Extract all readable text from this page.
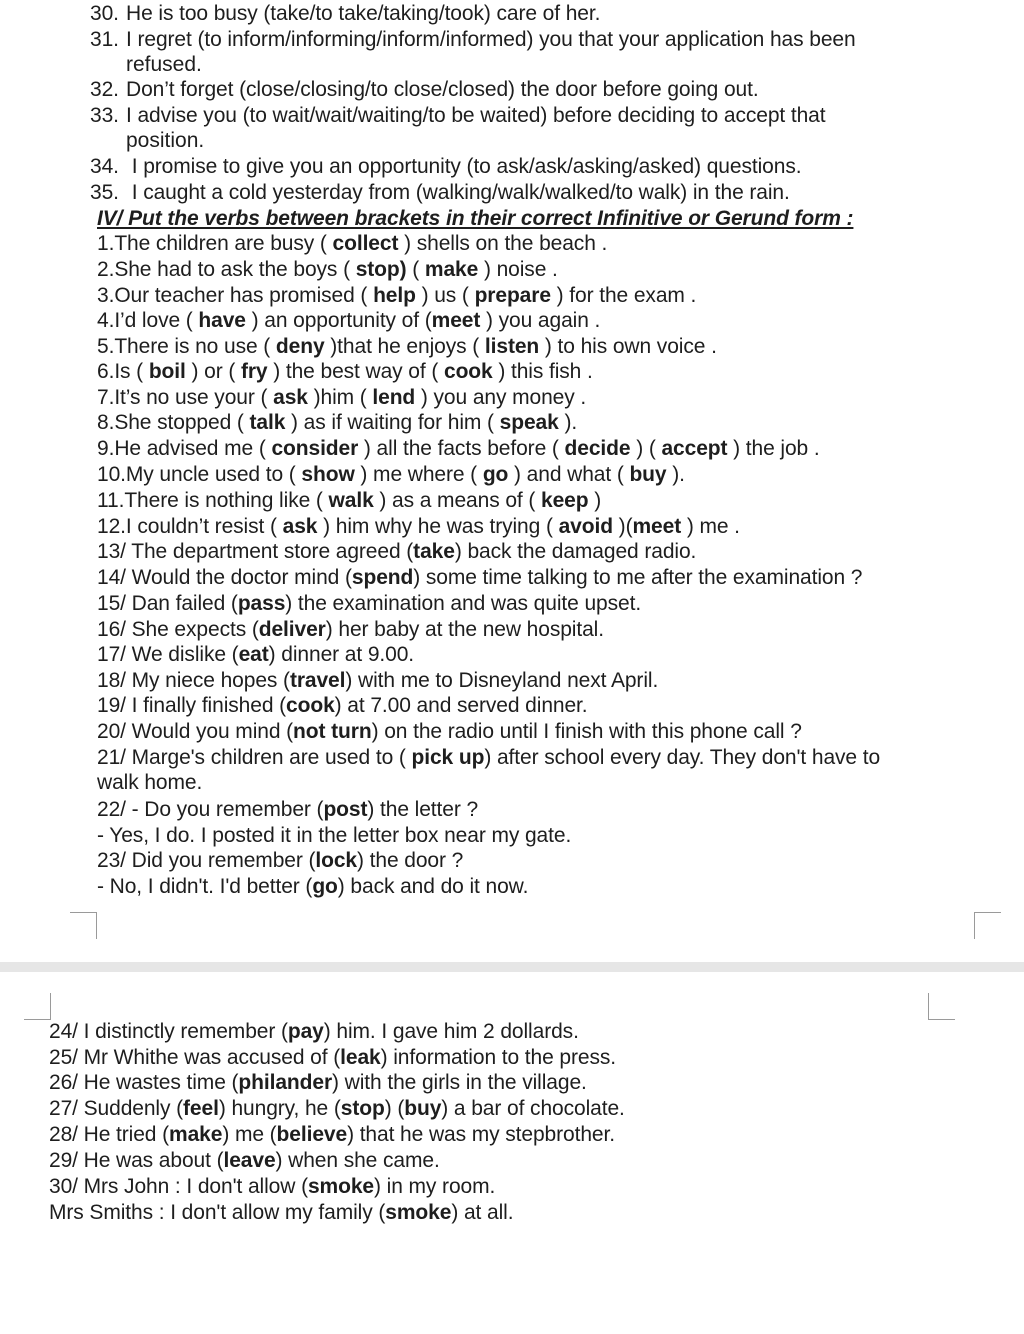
30. He is too busy (take/to take/taking/took) care of her.
31. I regret (to inform/informing/inform/informed) you that your application has been
refused.
32. Don’t forget (close/closing/to close/closed) the door before going out.
33. I advise you (to wait/wait/waiting/to be waited) before deciding to accept that
position.
34. I promise to give you an opportunity (to ask/ask/asking/asked) questions.
35. I caught a cold yesterday from (walking/walk/walked/to walk) in the rain.
IV/ Put the verbs between brackets in their correct Infinitive or Gerund form :
1.The children are busy ( collect ) shells on the beach .
2.She had to ask the boys ( stop) ( make ) noise .
3.Our teacher has promised ( help ) us ( prepare ) for the exam .
4.I’d love ( have ) an opportunity of (meet ) you again .
5.There is no use ( deny )that he enjoys ( listen ) to his own voice .
6.Is ( boil ) or ( fry ) the best way of ( cook ) this fish .
7.It’s no use your ( ask )him ( lend ) you any money .
8.She stopped ( talk ) as if waiting for him ( speak ).
9.He advised me ( consider ) all the facts before ( decide ) ( accept ) the job .
10.My uncle used to ( show ) me where ( go ) and what ( buy ).
11.There is nothing like ( walk ) as a means of ( keep )
12.I couldn’t resist ( ask ) him why he was trying ( avoid )(meet ) me .
13/ The department store agreed (take) back the damaged radio.
14/ Would the doctor mind (spend) some time talking to me after the examination ?
15/ Dan failed (pass) the examination and was quite upset.
16/ She expects (deliver) her baby at the new hospital.
17/ We dislike (eat) dinner at 9.00.
18/ My niece hopes (travel) with me to Disneyland next April.
19/ I finally finished (cook) at 7.00 and served dinner.
20/ Would you mind (not turn) on the radio until I finish with this phone call ?
21/ Marge's children are used to ( pick up) after school every day. They don't have to
walk home.
22/ - Do you remember (post) the letter ?
- Yes, I do. I posted it in the letter box near my gate.
23/ Did you remember (lock) the door ?
- No, I didn't. I'd better (go) back and do it now.
24/ I distinctly remember (pay) him. I gave him 2 dollards.
25/ Mr Whithe was accused of (leak) information to the press.
26/ He wastes time (philander) with the girls in the village.
27/ Suddenly (feel) hungry, he (stop) (buy) a bar of chocolate.
28/ He tried (make) me (believe) that he was my stepbrother.
29/ He was about (leave) when she came.
30/ Mrs John : I don't allow (smoke) in my room.
Mrs Smiths : I don't allow my family (smoke) at all.
